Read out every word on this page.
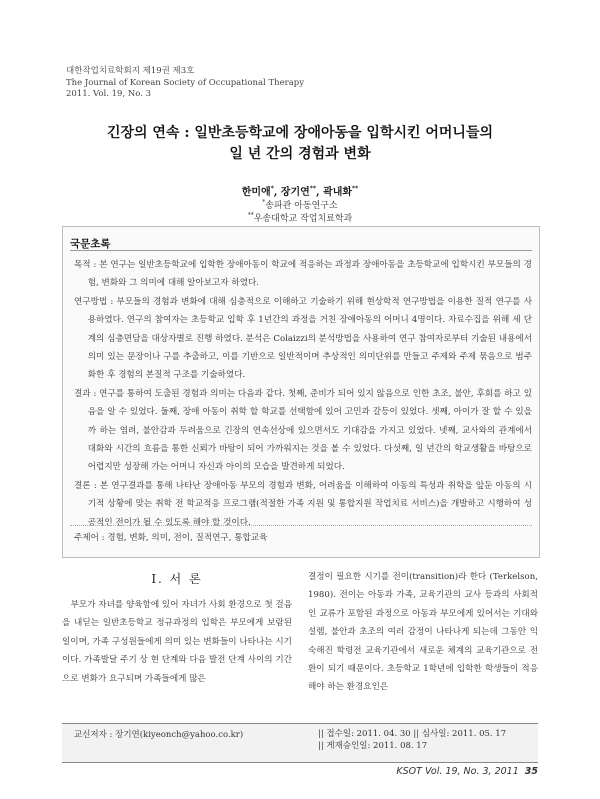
대한작업치료학회지 제19권 제3호
The Journal of Korean Society of Occupational Therapy
2011. Vol. 19, No. 3
긴장의 연속 : 일반초등학교에 장애아동을 입학시킨 어머니들의
일 년 간의 경험과 변화
한미애*, 장기연**, 곽내화**
*송파관 아동연구소
**우송대학교 작업치료학과
국문초록

목적 : 본 연구는 일반초등학교에 입학한 장애아동이 학교에 적응하는 과정과 장애아동을 초등학교에 입학시킨 부모들의 경험, 변화와 그 의미에 대해 알아보고자 하였다.

연구방법 : 부모들의 경험과 변화에 대해 심층적으로 이해하고 기술하기 위해 현상학적 연구방법을 이용한 질적 연구를 사용하였다. 연구의 참여자는 초등학교 입학 후 1년간의 과정을 거친 장애아동의 어머니 4명이다. 자료수집을 위해 세 단계의 심층면담을 대상자별로 진행 하였다. 분석은 Colaizzi의 분석방법을 사용하여 연구 참여자로부터 기술된 내용에서 의미 있는 문장이나 구를 추출하고, 이를 기반으로 일반적이며 추상적인 의미단위를 만들고 주제와 주제 묶음으로 범주화한 후 경험의 본질적 구조를 기술하였다.

결과 : 연구를 통하여 도출된 경험과 의미는 다음과 같다. 첫째, 준비가 되어 있지 않음으로 인한 초조, 불안, 후회를 하고 있음을 알 수 있었다. 둘째, 장애 아동이 취학 할 학교를 선택함에 있어 고민과 갈등이 있었다. 셋째, 아이가 잘 할 수 있을까 하는 염려, 불안감과 두려움으로 긴장의 연속선상에 있으면서도 기대감을 가지고 있었다. 넷째, 교사와의 관계에서 대화와 시간의 흐름을 통한 신뢰가 바탕이 되어 가까워지는 것을 볼 수 있었다. 다섯째, 일 년간의 학교생활을 바탕으로 어렵지만 성장해 가는 어머니 자신과 아이의 모습을 발견하게 되었다.

결론 : 본 연구결과를 통해 나타난 장애아동 부모의 경험과 변화, 어려움을 이해하여 아동의 특성과 취학을 앞둔 아동의 시기적 상황에 맞는 취학 전 학교적응 프로그램(적절한 가족 지원 및 통합지원 작업치료 서비스)을 개발하고 시행하여 성공적인 전이가 될 수 있도록 해야 할 것이다.

주제어 : 경험, 변화, 의미, 전이, 질적연구, 통합교육
Ⅰ. 서 론
부모가 자녀를 양육함에 있어 자녀가 사회 환경으로 첫 걸음을 내딛는 일반초등학교 정규과정의 입학은 부모에게 보람된 일이며, 가족 구성원들에게 의미 있는 변화들이 나타나는 시기이다. 가족발달 주기 상 현 단계와 다음 발전 단계 사이의 기간으로 변화가 요구되며 가족들에게 많은
결정이 필요한 시기를 전이(transition)라 한다 (Terkelson, 1980). 전이는 아동과 가족, 교육기관의 교사 등과의 사회적인 교류가 포함된 과정으로 아동과 부모에게 있어서는 기대와 설렘, 불안과 초조의 여러 감정이 나타나게 되는데 그동안 익숙해진 학령전 교육기관에서 새로운 체계의 교육기관으로 전환이 되기 때문이다. 초등학교 1학년에 입학한 학생들이 적응해야 하는 환경요인은
교신저자 : 장기연(kiyeonch@yahoo.co.kr)	|| 접수일: 2011. 04. 30 || 심사일: 2011. 05. 17
|| 게재승인일: 2011. 08. 17
KSOT Vol. 19, No. 3, 2011 35
